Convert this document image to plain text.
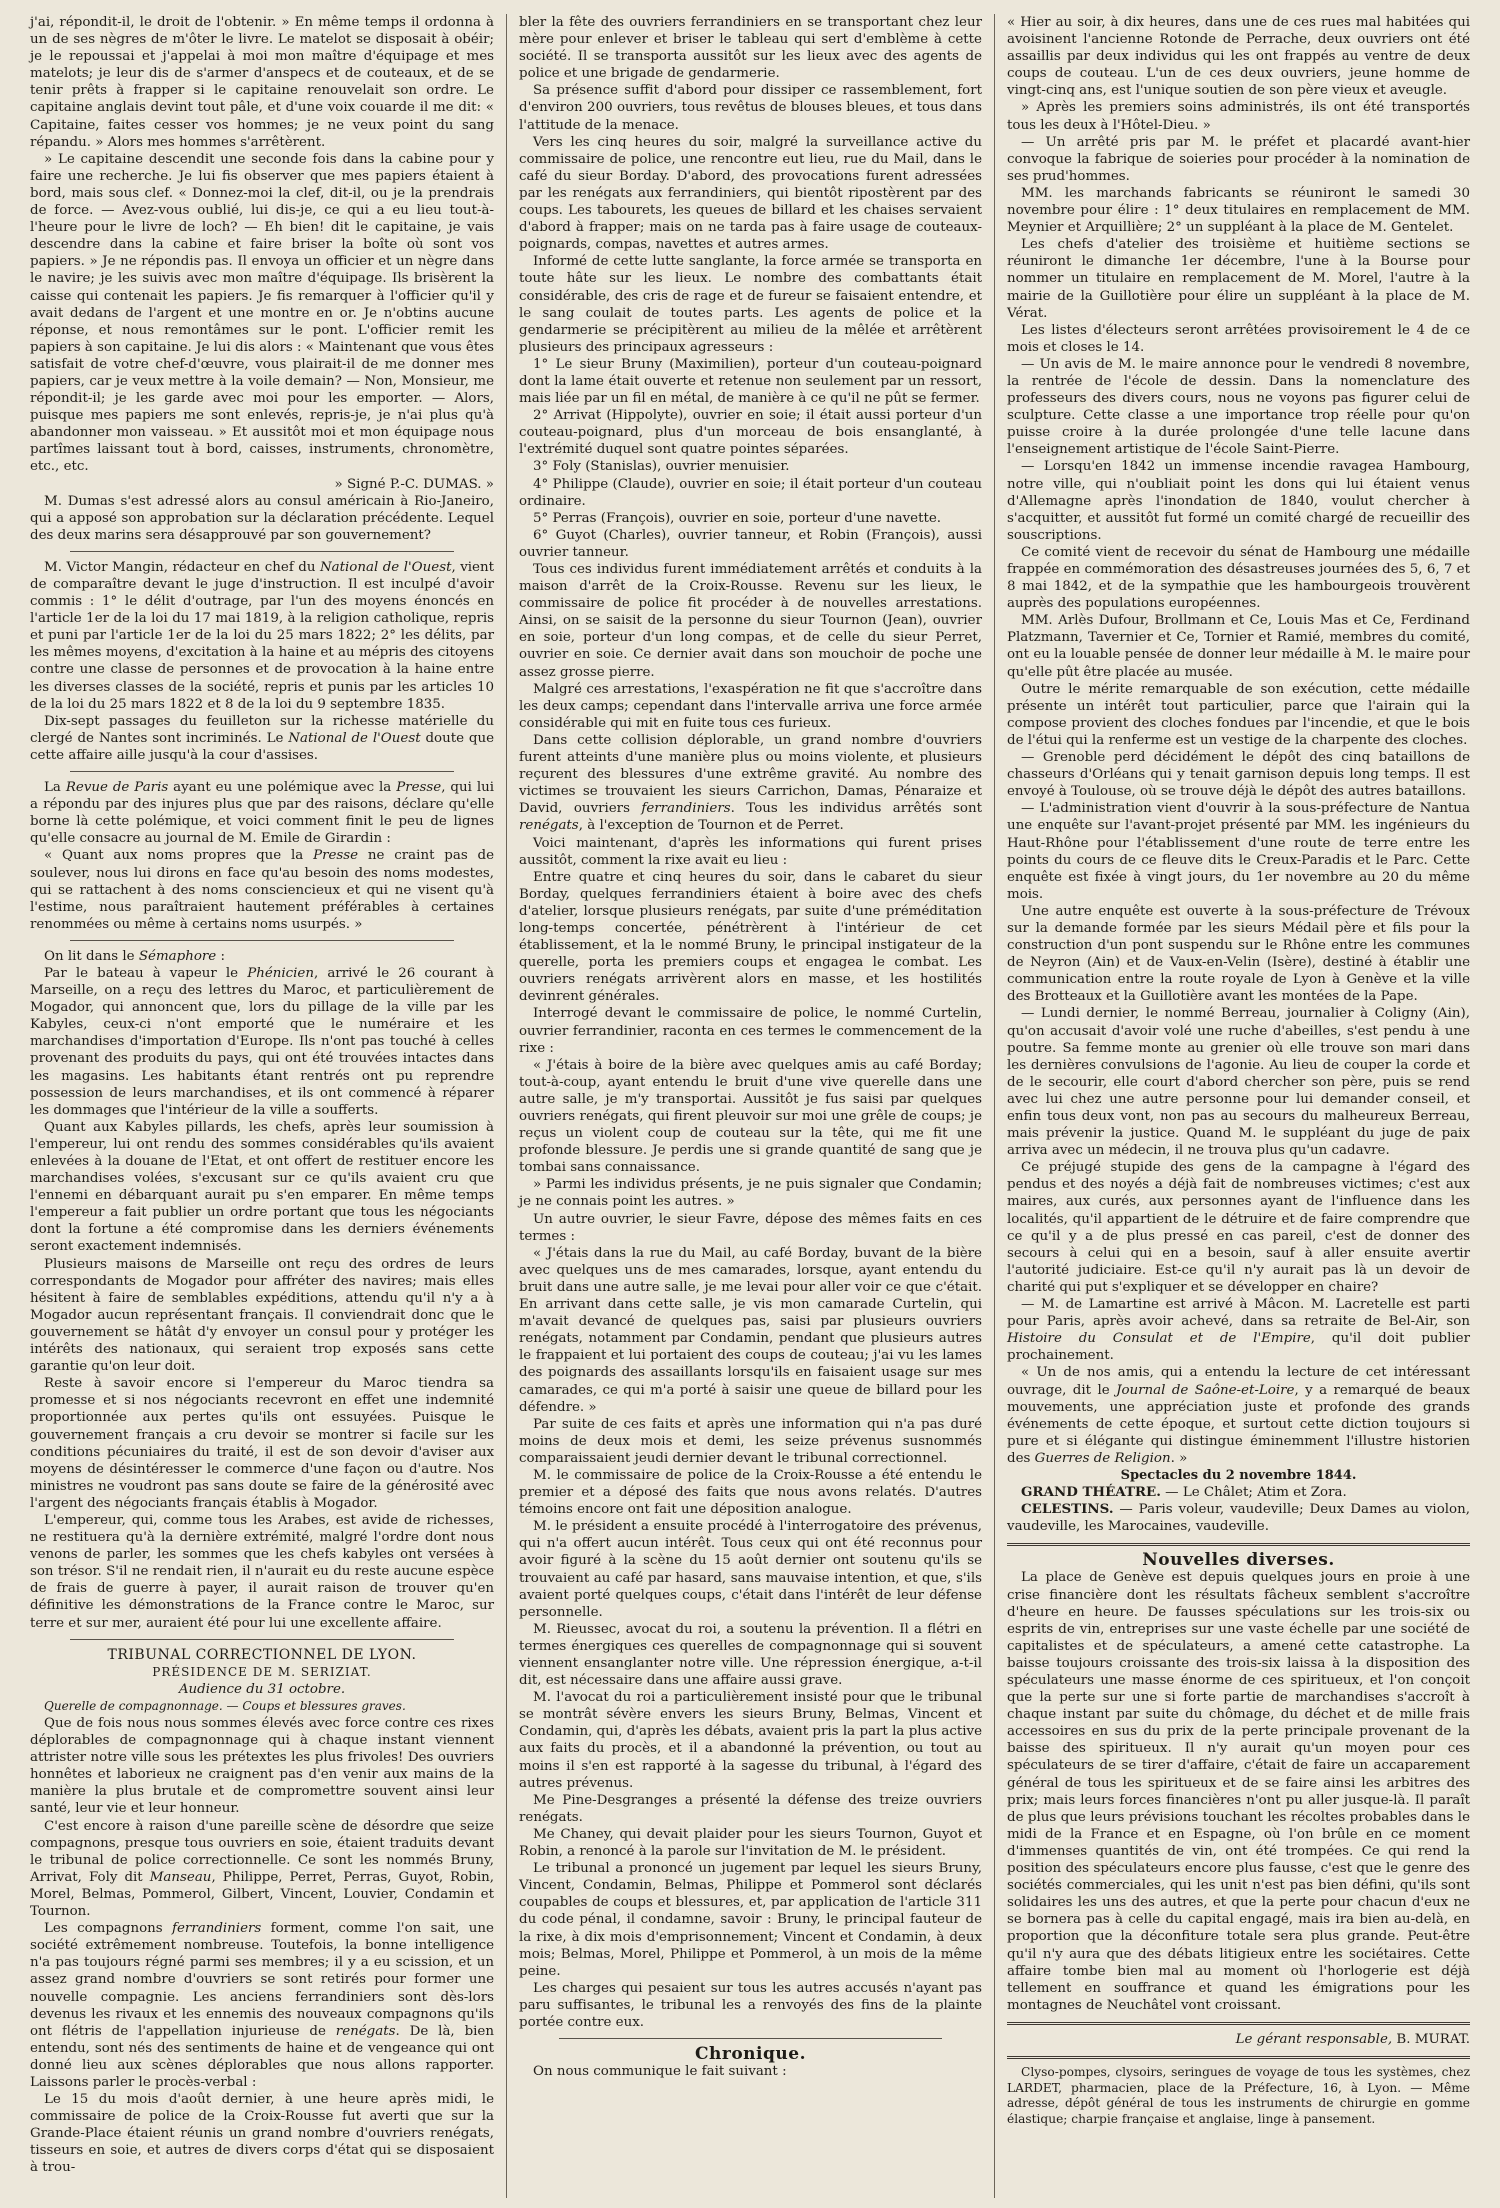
j'ai, répondit-il, le droit de l'obtenir. » En même temps il ordonna à un de ses nègres de m'ôter le livre. Le matelot se disposait à obéir; je le repoussai et j'appelai à moi mon maître d'équipage et mes matelots; je leur dis de s'armer d'anspecs et de couteaux, et de se tenir prêts à frapper si le capitaine renouvelait son ordre. Le capitaine anglais devint tout pâle, et d'une voix couarde il me dit: « Capitaine, faites cesser vos hommes; je ne veux point du sang répandu. » Alors mes hommes s'arrêtèrent.

» Le capitaine descendit une seconde fois dans la cabine pour y faire une recherche. Je lui fis observer que mes papiers étaient à bord, mais sous clef. « Donnez-moi la clef, dit-il, ou je la prendrais de force. — Avez-vous oublié, lui dis-je, ce qui a eu lieu tout-à-l'heure pour le livre de loch? — Eh bien! dit le capitaine, je vais descendre dans la cabine et faire briser la boîte où sont vos papiers. » Je ne répondis pas. Il envoya un officier et un nègre dans le navire; je les suivis avec mon maître d'équipage. Ils brisèrent la caisse qui contenait les papiers. Je fis remarquer à l'officier qu'il y avait dedans de l'argent et une montre en or. Je n'obtins aucune réponse, et nous remontâmes sur le pont. L'officier remit les papiers à son capitaine. Je lui dis alors : « Maintenant que vous êtes satisfait de votre chef-d'œuvre, vous plairait-il de me donner mes papiers, car je veux mettre à la voile demain? — Non, Monsieur, me répondit-il; je les garde avec moi pour les emporter. — Alors, puisque mes papiers me sont enlevés, repris-je, je n'ai plus qu'à abandonner mon vaisseau. » Et aussitôt moi et mon équipage nous partîmes laissant tout à bord, caisses, instruments, chronomètre, etc., etc.

» Signé P.-C. DUMAS. »

M. Dumas s'est adressé alors au consul américain à Rio-Janeiro, qui a apposé son approbation sur la déclaration précédente. Lequel des deux marins sera désapprouvé par son gouvernement?

M. Victor Mangin, rédacteur en chef du National de l'Ouest, vient de comparaître devant le juge d'instruction. Il est inculpé d'avoir commis : 1° le délit d'outrage, par l'un des moyens énoncés en l'article 1er de la loi du 17 mai 1819, à la religion catholique, repris et puni par l'article 1er de la loi du 25 mars 1822; 2° les délits, par les mêmes moyens, d'excitation à la haine et au mépris des citoyens contre une classe de personnes et de provocation à la haine entre les diverses classes de la société, repris et punis par les articles 10 de la loi du 25 mars 1822 et 8 de la loi du 9 septembre 1835.

Dix-sept passages du feuilleton sur la richesse matérielle du clergé de Nantes sont incriminés. Le National de l'Ouest doute que cette affaire aille jusqu'à la cour d'assises.

La Revue de Paris ayant eu une polémique avec la Presse, qui lui a répondu par des injures plus que par des raisons, déclare qu'elle borne là cette polémique, et voici comment finit le peu de lignes qu'elle consacre au journal de M. Emile de Girardin :

« Quant aux noms propres que la Presse ne craint pas de soulever, nous lui dirons en face qu'au besoin des noms modestes, qui se rattachent à des noms consciencieux et qui ne visent qu'à l'estime, nous paraîtraient hautement préférables à certaines renommées ou même à certains noms usurpés. »

On lit dans le Sémaphore :

Par le bateau à vapeur le Phénicien, arrivé le 26 courant à Marseille, on a reçu des lettres du Maroc, et particulièrement de Mogador, qui annoncent que, lors du pillage de la ville par les Kabyles, ceux-ci n'ont emporté que le numéraire et les marchandises d'importation d'Europe. Ils n'ont pas touché à celles provenant des produits du pays, qui ont été trouvées intactes dans les magasins. Les habitants étant rentrés ont pu reprendre possession de leurs marchandises, et ils ont commencé à réparer les dommages que l'intérieur de la ville a soufferts.

Quant aux Kabyles pillards, les chefs, après leur soumission à l'empereur, lui ont rendu des sommes considérables qu'ils avaient enlevées à la douane de l'Etat, et ont offert de restituer encore les marchandises volées, s'excusant sur ce qu'ils avaient cru que l'ennemi en débarquant aurait pu s'en emparer. En même temps l'empereur a fait publier un ordre portant que tous les négociants dont la fortune a été compromise dans les derniers événements seront exactement indemnisés.

Plusieurs maisons de Marseille ont reçu des ordres de leurs correspondants de Mogador pour affréter des navires; mais elles hésitent à faire de semblables expéditions, attendu qu'il n'y a à Mogador aucun représentant français. Il conviendrait donc que le gouvernement se hâtât d'y envoyer un consul pour y protéger les intérêts des nationaux, qui seraient trop exposés sans cette garantie qu'on leur doit.

Reste à savoir encore si l'empereur du Maroc tiendra sa promesse et si nos négociants recevront en effet une indemnité proportionnée aux pertes qu'ils ont essuyées. Puisque le gouvernement français a cru devoir se montrer si facile sur les conditions pécuniaires du traité, il est de son devoir d'aviser aux moyens de désintéresser le commerce d'une façon ou d'autre. Nos ministres ne voudront pas sans doute se faire de la générosité avec l'argent des négociants français établis à Mogador.

L'empereur, qui, comme tous les Arabes, est avide de richesses, ne restituera qu'à la dernière extrémité, malgré l'ordre dont nous venons de parler, les sommes que les chefs kabyles ont versées à son trésor. S'il ne rendait rien, il n'aurait eu du reste aucune espèce de frais de guerre à payer, il aurait raison de trouver qu'en définitive les démonstrations de la France contre le Maroc, sur terre et sur mer, auraient été pour lui une excellente affaire.

TRIBUNAL CORRECTIONNEL DE LYON.

PRÉSIDENCE DE M. SERIZIAT.

Audience du 31 octobre.

Querelle de compagnonnage. — Coups et blessures graves.

Que de fois nous nous sommes élevés avec force contre ces rixes déplorables de compagnonnage qui à chaque instant viennent attrister notre ville sous les prétextes les plus frivoles! Des ouvriers honnêtes et laborieux ne craignent pas d'en venir aux mains de la manière la plus brutale et de compromettre souvent ainsi leur santé, leur vie et leur honneur.

C'est encore à raison d'une pareille scène de désordre que seize compagnons, presque tous ouvriers en soie, étaient traduits devant le tribunal de police correctionnelle. Ce sont les nommés Bruny, Arrivat, Foly dit Manseau, Philippe, Perret, Perras, Guyot, Robin, Morel, Belmas, Pommerol, Gilbert, Vincent, Louvier, Condamin et Tournon.

Les compagnons ferrandiniers forment, comme l'on sait, une société extrêmement nombreuse. Toutefois, la bonne intelligence n'a pas toujours régné parmi ses membres; il y a eu scission, et un assez grand nombre d'ouvriers se sont retirés pour former une nouvelle compagnie. Les anciens ferrandiniers sont dès-lors devenus les rivaux et les ennemis des nouveaux compagnons qu'ils ont flétris de l'appellation injurieuse de renégats. De là, bien entendu, sont nés des sentiments de haine et de vengeance qui ont donné lieu aux scènes déplorables que nous allons rapporter. Laissons parler le procès-verbal :

Le 15 du mois d'août dernier, à une heure après midi, le commissaire de police de la Croix-Rousse fut averti que sur la Grande-Place étaient réunis un grand nombre d'ouvriers renégats, tisseurs en soie, et autres de divers corps d'état qui se disposaient à trou-

bler la fête des ouvriers ferrandiniers en se transportant chez leur mère pour enlever et briser le tableau qui sert d'emblème à cette société. Il se transporta aussitôt sur les lieux avec des agents de police et une brigade de gendarmerie.

Sa présence suffit d'abord pour dissiper ce rassemblement, fort d'environ 200 ouvriers, tous revêtus de blouses bleues, et tous dans l'attitude de la menace.

Vers les cinq heures du soir, malgré la surveillance active du commissaire de police, une rencontre eut lieu, rue du Mail, dans le café du sieur Borday. D'abord, des provocations furent adressées par les renégats aux ferrandiniers, qui bientôt ripostèrent par des coups. Les tabourets, les queues de billard et les chaises servaient d'abord à frapper; mais on ne tarda pas à faire usage de couteaux-poignards, compas, navettes et autres armes.

Informé de cette lutte sanglante, la force armée se transporta en toute hâte sur les lieux. Le nombre des combattants était considérable, des cris de rage et de fureur se faisaient entendre, et le sang coulait de toutes parts. Les agents de police et la gendarmerie se précipitèrent au milieu de la mêlée et arrêtèrent plusieurs des principaux agresseurs :

1° Le sieur Bruny (Maximilien), porteur d'un couteau-poignard dont la lame était ouverte et retenue non seulement par un ressort, mais liée par un fil en métal, de manière à ce qu'il ne pût se fermer.

2° Arrivat (Hippolyte), ouvrier en soie; il était aussi porteur d'un couteau-poignard, plus d'un morceau de bois ensanglanté, à l'extrémité duquel sont quatre pointes séparées.

3° Foly (Stanislas), ouvrier menuisier.

4° Philippe (Claude), ouvrier en soie; il était porteur d'un couteau ordinaire.

5° Perras (François), ouvrier en soie, porteur d'une navette.

6° Guyot (Charles), ouvrier tanneur, et Robin (François), aussi ouvrier tanneur.

Tous ces individus furent immédiatement arrêtés et conduits à la maison d'arrêt de la Croix-Rousse. Revenu sur les lieux, le commissaire de police fit procéder à de nouvelles arrestations. Ainsi, on se saisit de la personne du sieur Tournon (Jean), ouvrier en soie, porteur d'un long compas, et de celle du sieur Perret, ouvrier en soie. Ce dernier avait dans son mouchoir de poche une assez grosse pierre.

Malgré ces arrestations, l'exaspération ne fit que s'accroître dans les deux camps; cependant dans l'intervalle arriva une force armée considérable qui mit en fuite tous ces furieux.

Dans cette collision déplorable, un grand nombre d'ouvriers furent atteints d'une manière plus ou moins violente, et plusieurs reçurent des blessures d'une extrême gravité. Au nombre des victimes se trouvaient les sieurs Carrichon, Damas, Pénaraize et David, ouvriers ferrandiniers. Tous les individus arrêtés sont renégats, à l'exception de Tournon et de Perret.

Voici maintenant, d'après les informations qui furent prises aussitôt, comment la rixe avait eu lieu :

Entre quatre et cinq heures du soir, dans le cabaret du sieur Borday, quelques ferrandiniers étaient à boire avec des chefs d'atelier, lorsque plusieurs renégats, par suite d'une préméditation long-temps concertée, pénétrèrent à l'intérieur de cet établissement, et la le nommé Bruny, le principal instigateur de la querelle, porta les premiers coups et engagea le combat. Les ouvriers renégats arrivèrent alors en masse, et les hostilités devinrent générales.

Interrogé devant le commissaire de police, le nommé Curtelin, ouvrier ferrandinier, raconta en ces termes le commencement de la rixe :

« J'étais à boire de la bière avec quelques amis au café Borday; tout-à-coup, ayant entendu le bruit d'une vive querelle dans une autre salle, je m'y transportai. Aussitôt je fus saisi par quelques ouvriers renégats, qui firent pleuvoir sur moi une grêle de coups; je reçus un violent coup de couteau sur la tête, qui me fit une profonde blessure. Je perdis une si grande quantité de sang que je tombai sans connaissance.

» Parmi les individus présents, je ne puis signaler que Condamin; je ne connais point les autres. »

Un autre ouvrier, le sieur Favre, dépose des mêmes faits en ces termes :

« J'étais dans la rue du Mail, au café Borday, buvant de la bière avec quelques uns de mes camarades, lorsque, ayant entendu du bruit dans une autre salle, je me levai pour aller voir ce que c'était. En arrivant dans cette salle, je vis mon camarade Curtelin, qui m'avait devancé de quelques pas, saisi par plusieurs ouvriers renégats, notamment par Condamin, pendant que plusieurs autres le frappaient et lui portaient des coups de couteau; j'ai vu les lames des poignards des assaillants lorsqu'ils en faisaient usage sur mes camarades, ce qui m'a porté à saisir une queue de billard pour les défendre. »

Par suite de ces faits et après une information qui n'a pas duré moins de deux mois et demi, les seize prévenus susnommés comparaissaient jeudi dernier devant le tribunal correctionnel.

M. le commissaire de police de la Croix-Rousse a été entendu le premier et a déposé des faits que nous avons relatés. D'autres témoins encore ont fait une déposition analogue.

M. le président a ensuite procédé à l'interrogatoire des prévenus, qui n'a offert aucun intérêt. Tous ceux qui ont été reconnus pour avoir figuré à la scène du 15 août dernier ont soutenu qu'ils se trouvaient au café par hasard, sans mauvaise intention, et que, s'ils avaient porté quelques coups, c'était dans l'intérêt de leur défense personnelle.

M. Rieussec, avocat du roi, a soutenu la prévention. Il a flétri en termes énergiques ces querelles de compagnonnage qui si souvent viennent ensanglanter notre ville. Une répression énergique, a-t-il dit, est nécessaire dans une affaire aussi grave.

M. l'avocat du roi a particulièrement insisté pour que le tribunal se montrât sévère envers les sieurs Bruny, Belmas, Vincent et Condamin, qui, d'après les débats, avaient pris la part la plus active aux faits du procès, et il a abandonné la prévention, ou tout au moins il s'en est rapporté à la sagesse du tribunal, à l'égard des autres prévenus.

Me Pine-Desgranges a présenté la défense des treize ouvriers renégats.

Me Chaney, qui devait plaider pour les sieurs Tournon, Guyot et Robin, a renoncé à la parole sur l'invitation de M. le président.

Le tribunal a prononcé un jugement par lequel les sieurs Bruny, Vincent, Condamin, Belmas, Philippe et Pommerol sont déclarés coupables de coups et blessures, et, par application de l'article 311 du code pénal, il condamne, savoir : Bruny, le principal fauteur de la rixe, à dix mois d'emprisonnement; Vincent et Condamin, à deux mois; Belmas, Morel, Philippe et Pommerol, à un mois de la même peine.

Les charges qui pesaient sur tous les autres accusés n'ayant pas paru suffisantes, le tribunal les a renvoyés des fins de la plainte portée contre eux.

Chronique.

On nous communique le fait suivant :

« Hier au soir, à dix heures, dans une de ces rues mal habitées qui avoisinent l'ancienne Rotonde de Perrache, deux ouvriers ont été assaillis par deux individus qui les ont frappés au ventre de deux coups de couteau. L'un de ces deux ouvriers, jeune homme de vingt-cinq ans, est l'unique soutien de son père vieux et aveugle.

» Après les premiers soins administrés, ils ont été transportés tous les deux à l'Hôtel-Dieu. »

— Un arrêté pris par M. le préfet et placardé avant-hier convoque la fabrique de soieries pour procéder à la nomination de ses prud'hommes.

MM. les marchands fabricants se réuniront le samedi 30 novembre pour élire : 1° deux titulaires en remplacement de MM. Meynier et Arquillière; 2° un suppléant à la place de M. Gentelet.

Les chefs d'atelier des troisième et huitième sections se réuniront le dimanche 1er décembre, l'une à la Bourse pour nommer un titulaire en remplacement de M. Morel, l'autre à la mairie de la Guillotière pour élire un suppléant à la place de M. Vérat.

Les listes d'électeurs seront arrêtées provisoirement le 4 de ce mois et closes le 14.

— Un avis de M. le maire annonce pour le vendredi 8 novembre, la rentrée de l'école de dessin. Dans la nomenclature des professeurs des divers cours, nous ne voyons pas figurer celui de sculpture. Cette classe a une importance trop réelle pour qu'on puisse croire à la durée prolongée d'une telle lacune dans l'enseignement artistique de l'école Saint-Pierre.

— Lorsqu'en 1842 un immense incendie ravagea Hambourg, notre ville, qui n'oubliait point les dons qui lui étaient venus d'Allemagne après l'inondation de 1840, voulut chercher à s'acquitter, et aussitôt fut formé un comité chargé de recueillir des souscriptions.

Ce comité vient de recevoir du sénat de Hambourg une médaille frappée en commémoration des désastreuses journées des 5, 6, 7 et 8 mai 1842, et de la sympathie que les hambourgeois trouvèrent auprès des populations européennes.

MM. Arlès Dufour, Brollmann et Ce, Louis Mas et Ce, Ferdinand Platzmann, Tavernier et Ce, Tornier et Ramié, membres du comité, ont eu la louable pensée de donner leur médaille à M. le maire pour qu'elle pût être placée au musée.

Outre le mérite remarquable de son exécution, cette médaille présente un intérêt tout particulier, parce que l'airain qui la compose provient des cloches fondues par l'incendie, et que le bois de l'étui qui la renferme est un vestige de la charpente des cloches.

— Grenoble perd décidément le dépôt des cinq bataillons de chasseurs d'Orléans qui y tenait garnison depuis long temps. Il est envoyé à Toulouse, où se trouve déjà le dépôt des autres bataillons.

— L'administration vient d'ouvrir à la sous-préfecture de Nantua une enquête sur l'avant-projet présenté par MM. les ingénieurs du Haut-Rhône pour l'établissement d'une route de terre entre les points du cours de ce fleuve dits le Creux-Paradis et le Parc. Cette enquête est fixée à vingt jours, du 1er novembre au 20 du même mois.

Une autre enquête est ouverte à la sous-préfecture de Trévoux sur la demande formée par les sieurs Médail père et fils pour la construction d'un pont suspendu sur le Rhône entre les communes de Neyron (Ain) et de Vaux-en-Velin (Isère), destiné à établir une communication entre la route royale de Lyon à Genève et la ville des Brotteaux et la Guillotière avant les montées de la Pape.

— Lundi dernier, le nommé Berreau, journalier à Coligny (Ain), qu'on accusait d'avoir volé une ruche d'abeilles, s'est pendu à une poutre. Sa femme monte au grenier où elle trouve son mari dans les dernières convulsions de l'agonie. Au lieu de couper la corde et de le secourir, elle court d'abord chercher son père, puis se rend avec lui chez une autre personne pour lui demander conseil, et enfin tous deux vont, non pas au secours du malheureux Berreau, mais prévenir la justice. Quand M. le suppléant du juge de paix arriva avec un médecin, il ne trouva plus qu'un cadavre.

Ce préjugé stupide des gens de la campagne à l'égard des pendus et des noyés a déjà fait de nombreuses victimes; c'est aux maires, aux curés, aux personnes ayant de l'influence dans les localités, qu'il appartient de le détruire et de faire comprendre que ce qu'il y a de plus pressé en cas pareil, c'est de donner des secours à celui qui en a besoin, sauf à aller ensuite avertir l'autorité judiciaire. Est-ce qu'il n'y aurait pas là un devoir de charité qui put s'expliquer et se développer en chaire?

— M. de Lamartine est arrivé à Mâcon. M. Lacretelle est parti pour Paris, après avoir achevé, dans sa retraite de Bel-Air, son Histoire du Consulat et de l'Empire, qu'il doit publier prochainement.

« Un de nos amis, qui a entendu la lecture de cet intéressant ouvrage, dit le Journal de Saône-et-Loire, y a remarqué de beaux mouvements, une appréciation juste et profonde des grands événements de cette époque, et surtout cette diction toujours si pure et si élégante qui distingue éminemment l'illustre historien des Guerres de Religion. »

Spectacles du 2 novembre 1844.

GRAND THÉATRE. — Le Châlet; Atim et Zora.

CELESTINS. — Paris voleur, vaudeville; Deux Dames au violon, vaudeville, les Marocaines, vaudeville.

Nouvelles diverses.

La place de Genève est depuis quelques jours en proie à une crise financière dont les résultats fâcheux semblent s'accroître d'heure en heure. De fausses spéculations sur les trois-six ou esprits de vin, entreprises sur une vaste échelle par une société de capitalistes et de spéculateurs, a amené cette catastrophe. La baisse toujours croissante des trois-six laissa à la disposition des spéculateurs une masse énorme de ces spiritueux, et l'on conçoit que la perte sur une si forte partie de marchandises s'accroît à chaque instant par suite du chômage, du déchet et de mille frais accessoires en sus du prix de la perte principale provenant de la baisse des spiritueux. Il n'y aurait qu'un moyen pour ces spéculateurs de se tirer d'affaire, c'était de faire un accaparement général de tous les spiritueux et de se faire ainsi les arbitres des prix; mais leurs forces financières n'ont pu aller jusque-là. Il paraît de plus que leurs prévisions touchant les récoltes probables dans le midi de la France et en Espagne, où l'on brûle en ce moment d'immenses quantités de vin, ont été trompées. Ce qui rend la position des spéculateurs encore plus fausse, c'est que le genre des sociétés commerciales, qui les unit n'est pas bien défini, qu'ils sont solidaires les uns des autres, et que la perte pour chacun d'eux ne se bornera pas à celle du capital engagé, mais ira bien au-delà, en proportion que la déconfiture totale sera plus grande. Peut-être qu'il n'y aura que des débats litigieux entre les sociétaires. Cette affaire tombe bien mal au moment où l'horlogerie est déjà tellement en souffrance et quand les émigrations pour les montagnes de Neuchâtel vont croissant.

Le gérant responsable, B. MURAT.

Clyso-pompes, clysoirs, seringues de voyage de tous les systèmes, chez LARDET, pharmacien, place de la Préfecture, 16, à Lyon. — Même adresse, dépôt général de tous les instruments de chirurgie en gomme élastique; charpie française et anglaise, linge à pansement.
